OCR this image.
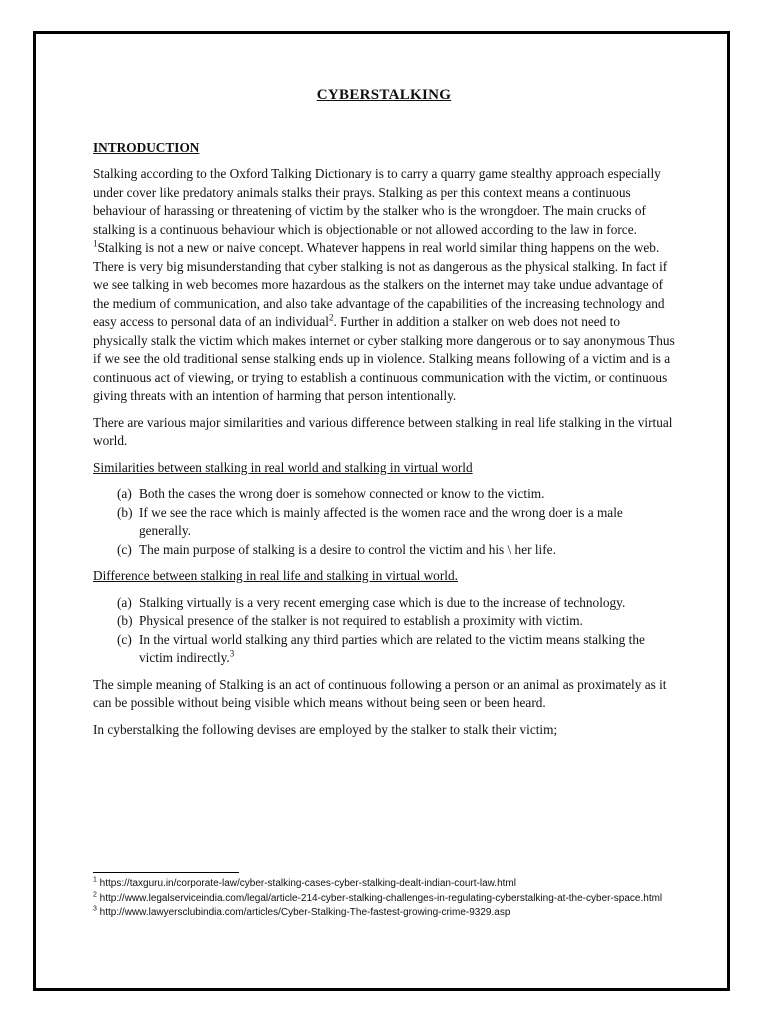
CYBERSTALKING
INTRODUCTION

Stalking according to the Oxford Talking Dictionary is to carry a quarry game stealthy approach especially under cover like predatory animals stalks their prays. Stalking as per this context means a continuous behaviour of harassing or threatening of victim by the stalker who is the wrongdoer. The main crucks of stalking is a continuous behaviour which is objectionable or not allowed according to the law in force. $^1$Stalking is not a new or naive concept. Whatever happens in real world similar thing happens on the web. There is very big misunderstanding that cyber stalking is not as dangerous as the physical stalking. In fact if we see talking in web becomes more hazardous as the stalkers on the internet may take undue advantage of the medium of communication, and also take advantage of the capabilities of the increasing technology and easy access to personal data of an individual$^2$. Further in addition a stalker on web does not need to physically stalk the victim which makes internet or cyber stalking more dangerous or to say anonymous Thus if we see the old traditional sense stalking ends up in violence. Stalking means following of a victim and is a continuous act of viewing, or trying to establish a continuous communication with the victim, or continuous giving threats with an intention of harming that person intentionally.

There are various major similarities and various difference between stalking in real life stalking in the virtual world.

Similarities between stalking in real world and stalking in virtual world
(a) Both the cases the wrong doer is somehow connected or know to the victim.
(b) If we see the race which is mainly affected is the women race and the wrong doer is a male generally.
(c) The main purpose of stalking is a desire to control the victim and his \ her life.
Difference between stalking in real life and stalking in virtual world.
(a) Stalking virtually is a very recent emerging case which is due to the increase of technology.
(b) Physical presence of the stalker is not required to establish a proximity with victim.
(c) In the virtual world stalking any third parties which are related to the victim means stalking the victim indirectly.$^3$

The simple meaning of Stalking is an act of continuous following a person or an animal as proximately as it can be possible without being visible which means without being seen or been heard.

In cyberstalking the following devises are employed by the stalker to stalk their victim;

$^1$ https://taxguru.in/corporate-law/cyber-stalking-cases-cyber-stalking-dealt-indian-court-law.html
$^2$ http://www.legalserviceindia.com/legal/article-214-cyber-stalking-challenges-in-regulating-cyberstalking-at-the-cyber-space.html
$^3$ http://www.lawyersclubindia.com/articles/Cyber-Stalking-The-fastest-growing-crime-9329.asp
